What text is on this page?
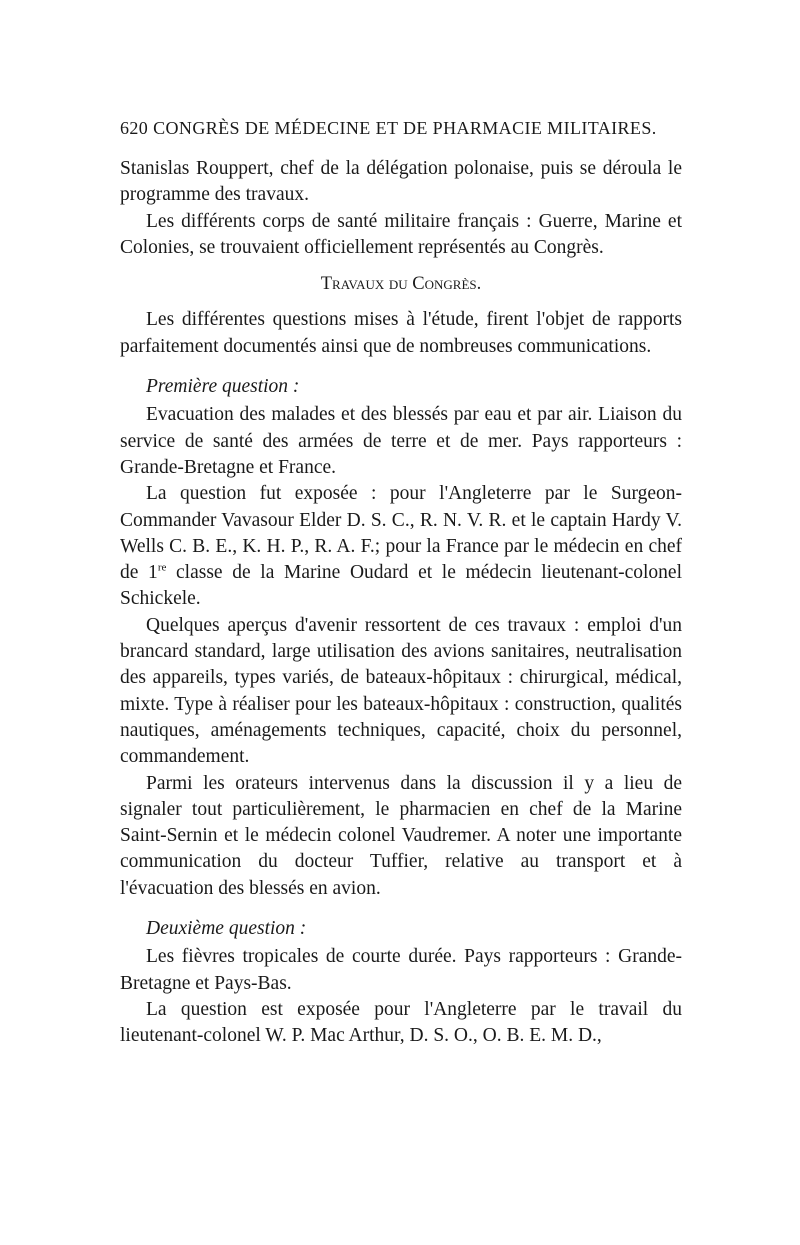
620 CONGRÈS DE MÉDECINE ET DE PHARMACIE MILITAIRES.

Stanislas Rouppert, chef de la délégation polonaise, puis se déroula le programme des travaux.

Les différents corps de santé militaire français : Guerre, Marine et Colonies, se trouvaient officiellement représentés au Congrès.

Travaux du Congrès.

Les différentes questions mises à l'étude, firent l'objet de rapports parfaitement documentés ainsi que de nombreuses communications.

Première question :

Evacuation des malades et des blessés par eau et par air. Liaison du service de santé des armées de terre et de mer. Pays rapporteurs : Grande-Bretagne et France.

La question fut exposée : pour l'Angleterre par le Surgeon-Commander Vavasour Elder D. S. C., R. N. V. R. et le captain Hardy V. Wells C. B. E., K. H. P., R. A. F.; pour la France par le médecin en chef de 1re classe de la Marine Oudard et le médecin lieutenant-colonel Schickele.

Quelques aperçus d'avenir ressortent de ces travaux : emploi d'un brancard standard, large utilisation des avions sanitaires, neutralisation des appareils, types variés, de bateaux-hôpitaux : chirurgical, médical, mixte. Type à réaliser pour les bateaux-hôpitaux : construction, qualités nautiques, aménagements techniques, capacité, choix du personnel, commandement.

Parmi les orateurs intervenus dans la discussion il y a lieu de signaler tout particulièrement, le pharmacien en chef de la Marine Saint-Sernin et le médecin colonel Vaudremer. A noter une importante communication du docteur Tuffier, relative au transport et à l'évacuation des blessés en avion.

Deuxième question :

Les fièvres tropicales de courte durée. Pays rapporteurs : Grande-Bretagne et Pays-Bas.

La question est exposée pour l'Angleterre par le travail du lieutenant-colonel W. P. Mac Arthur, D. S. O., O. B. E. M. D.,
